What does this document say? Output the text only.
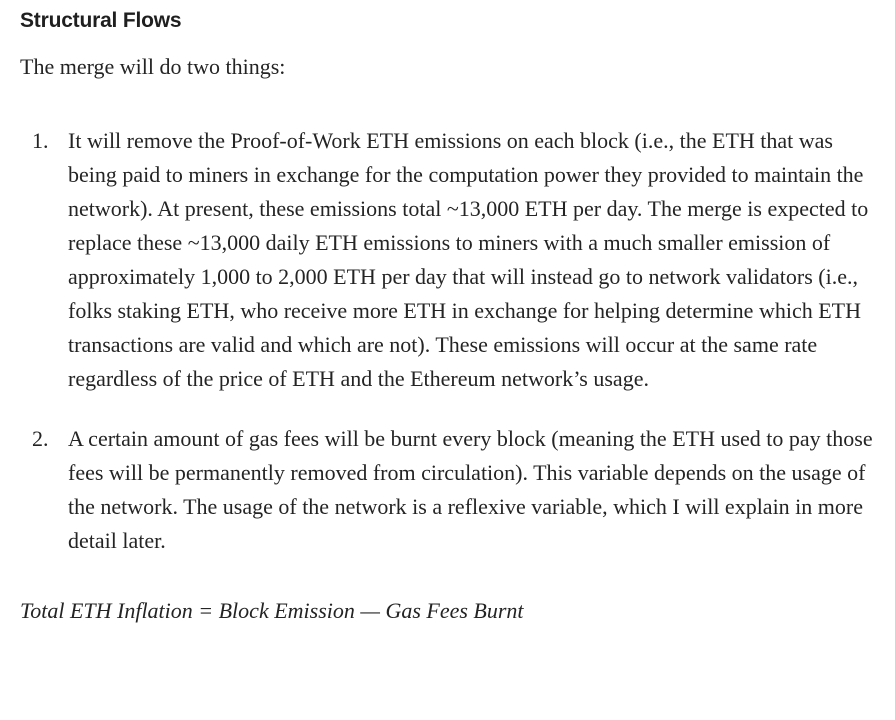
Structural Flows

The merge will do two things:

1. It will remove the Proof-of-Work ETH emissions on each block (i.e., the ETH that was being paid to miners in exchange for the computation power they provided to maintain the network). At present, these emissions total ~13,000 ETH per day. The merge is expected to replace these ~13,000 daily ETH emissions to miners with a much smaller emission of approximately 1,000 to 2,000 ETH per day that will instead go to network validators (i.e., folks staking ETH, who receive more ETH in exchange for helping determine which ETH transactions are valid and which are not). These emissions will occur at the same rate regardless of the price of ETH and the Ethereum network’s usage.
2. A certain amount of gas fees will be burnt every block (meaning the ETH used to pay those fees will be permanently removed from circulation). This variable depends on the usage of the network. The usage of the network is a reflexive variable, which I will explain in more detail later.

Total ETH Inflation = Block Emission — Gas Fees Burnt
